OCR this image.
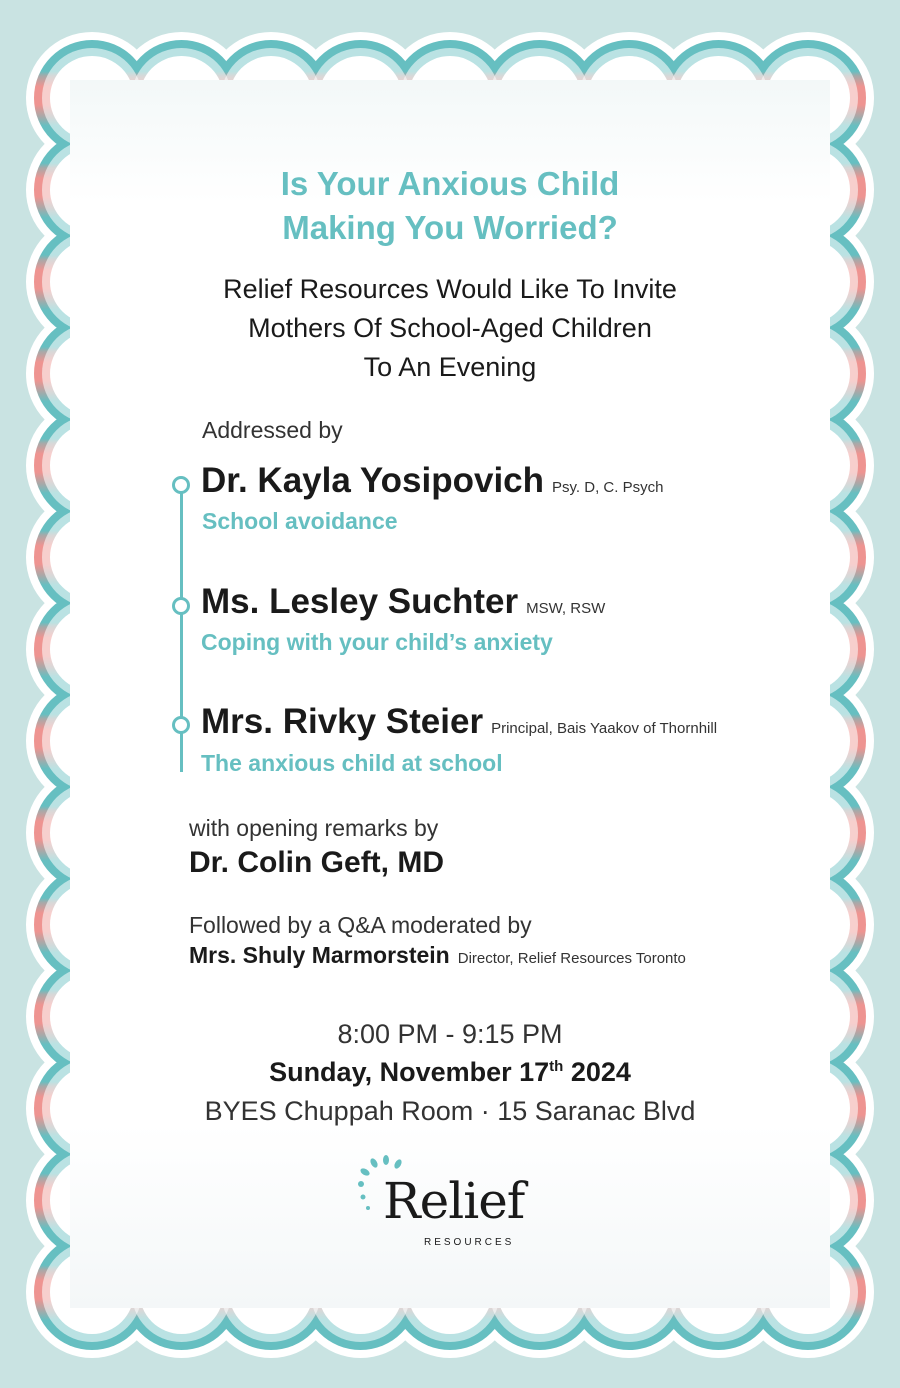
Is Your Anxious Child
Making You Worried?
Relief Resources Would Like To Invite
Mothers Of School-Aged Children
To An Evening
Addressed by
Dr. Kayla Yosipovich Psy. D, C. Psych
School avoidance
Ms. Lesley Suchter MSW, RSW
Coping with your child’s anxiety
Mrs. Rivky Steier Principal, Bais Yaakov of Thornhill
The anxious child at school
with opening remarks by
Dr. Colin Geft, MD
Followed by a Q&A moderated by
Mrs. Shuly Marmorstein Director, Relief Resources Toronto
8:00 PM - 9:15 PM
Sunday, November 17th 2024
BYES Chuppah Room · 15 Saranac Blvd
Relief
RESOURCES
